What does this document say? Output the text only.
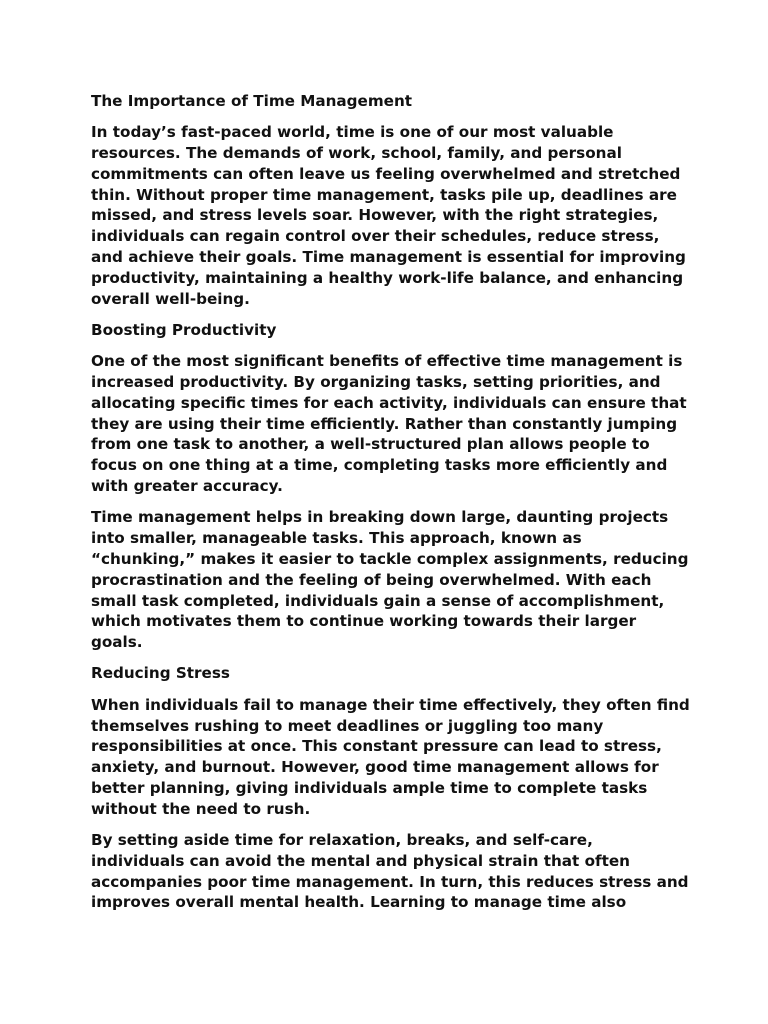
The Importance of Time Management

In today’s fast-paced world, time is one of our most valuable resources. The demands of work, school, family, and personal commitments can often leave us feeling overwhelmed and stretched thin. Without proper time management, tasks pile up, deadlines are missed, and stress levels soar. However, with the right strategies, individuals can regain control over their schedules, reduce stress, and achieve their goals. Time management is essential for improving productivity, maintaining a healthy work-life balance, and enhancing overall well-being.

Boosting Productivity

One of the most significant benefits of effective time management is increased productivity. By organizing tasks, setting priorities, and allocating specific times for each activity, individuals can ensure that they are using their time efficiently. Rather than constantly jumping from one task to another, a well-structured plan allows people to focus on one thing at a time, completing tasks more efficiently and with greater accuracy.

Time management helps in breaking down large, daunting projects into smaller, manageable tasks. This approach, known as “chunking,” makes it easier to tackle complex assignments, reducing procrastination and the feeling of being overwhelmed. With each small task completed, individuals gain a sense of accomplishment, which motivates them to continue working towards their larger goals.

Reducing Stress

When individuals fail to manage their time effectively, they often find themselves rushing to meet deadlines or juggling too many responsibilities at once. This constant pressure can lead to stress, anxiety, and burnout. However, good time management allows for better planning, giving individuals ample time to complete tasks without the need to rush.

By setting aside time for relaxation, breaks, and self-care, individuals can avoid the mental and physical strain that often accompanies poor time management. In turn, this reduces stress and improves overall mental health. Learning to manage time also
